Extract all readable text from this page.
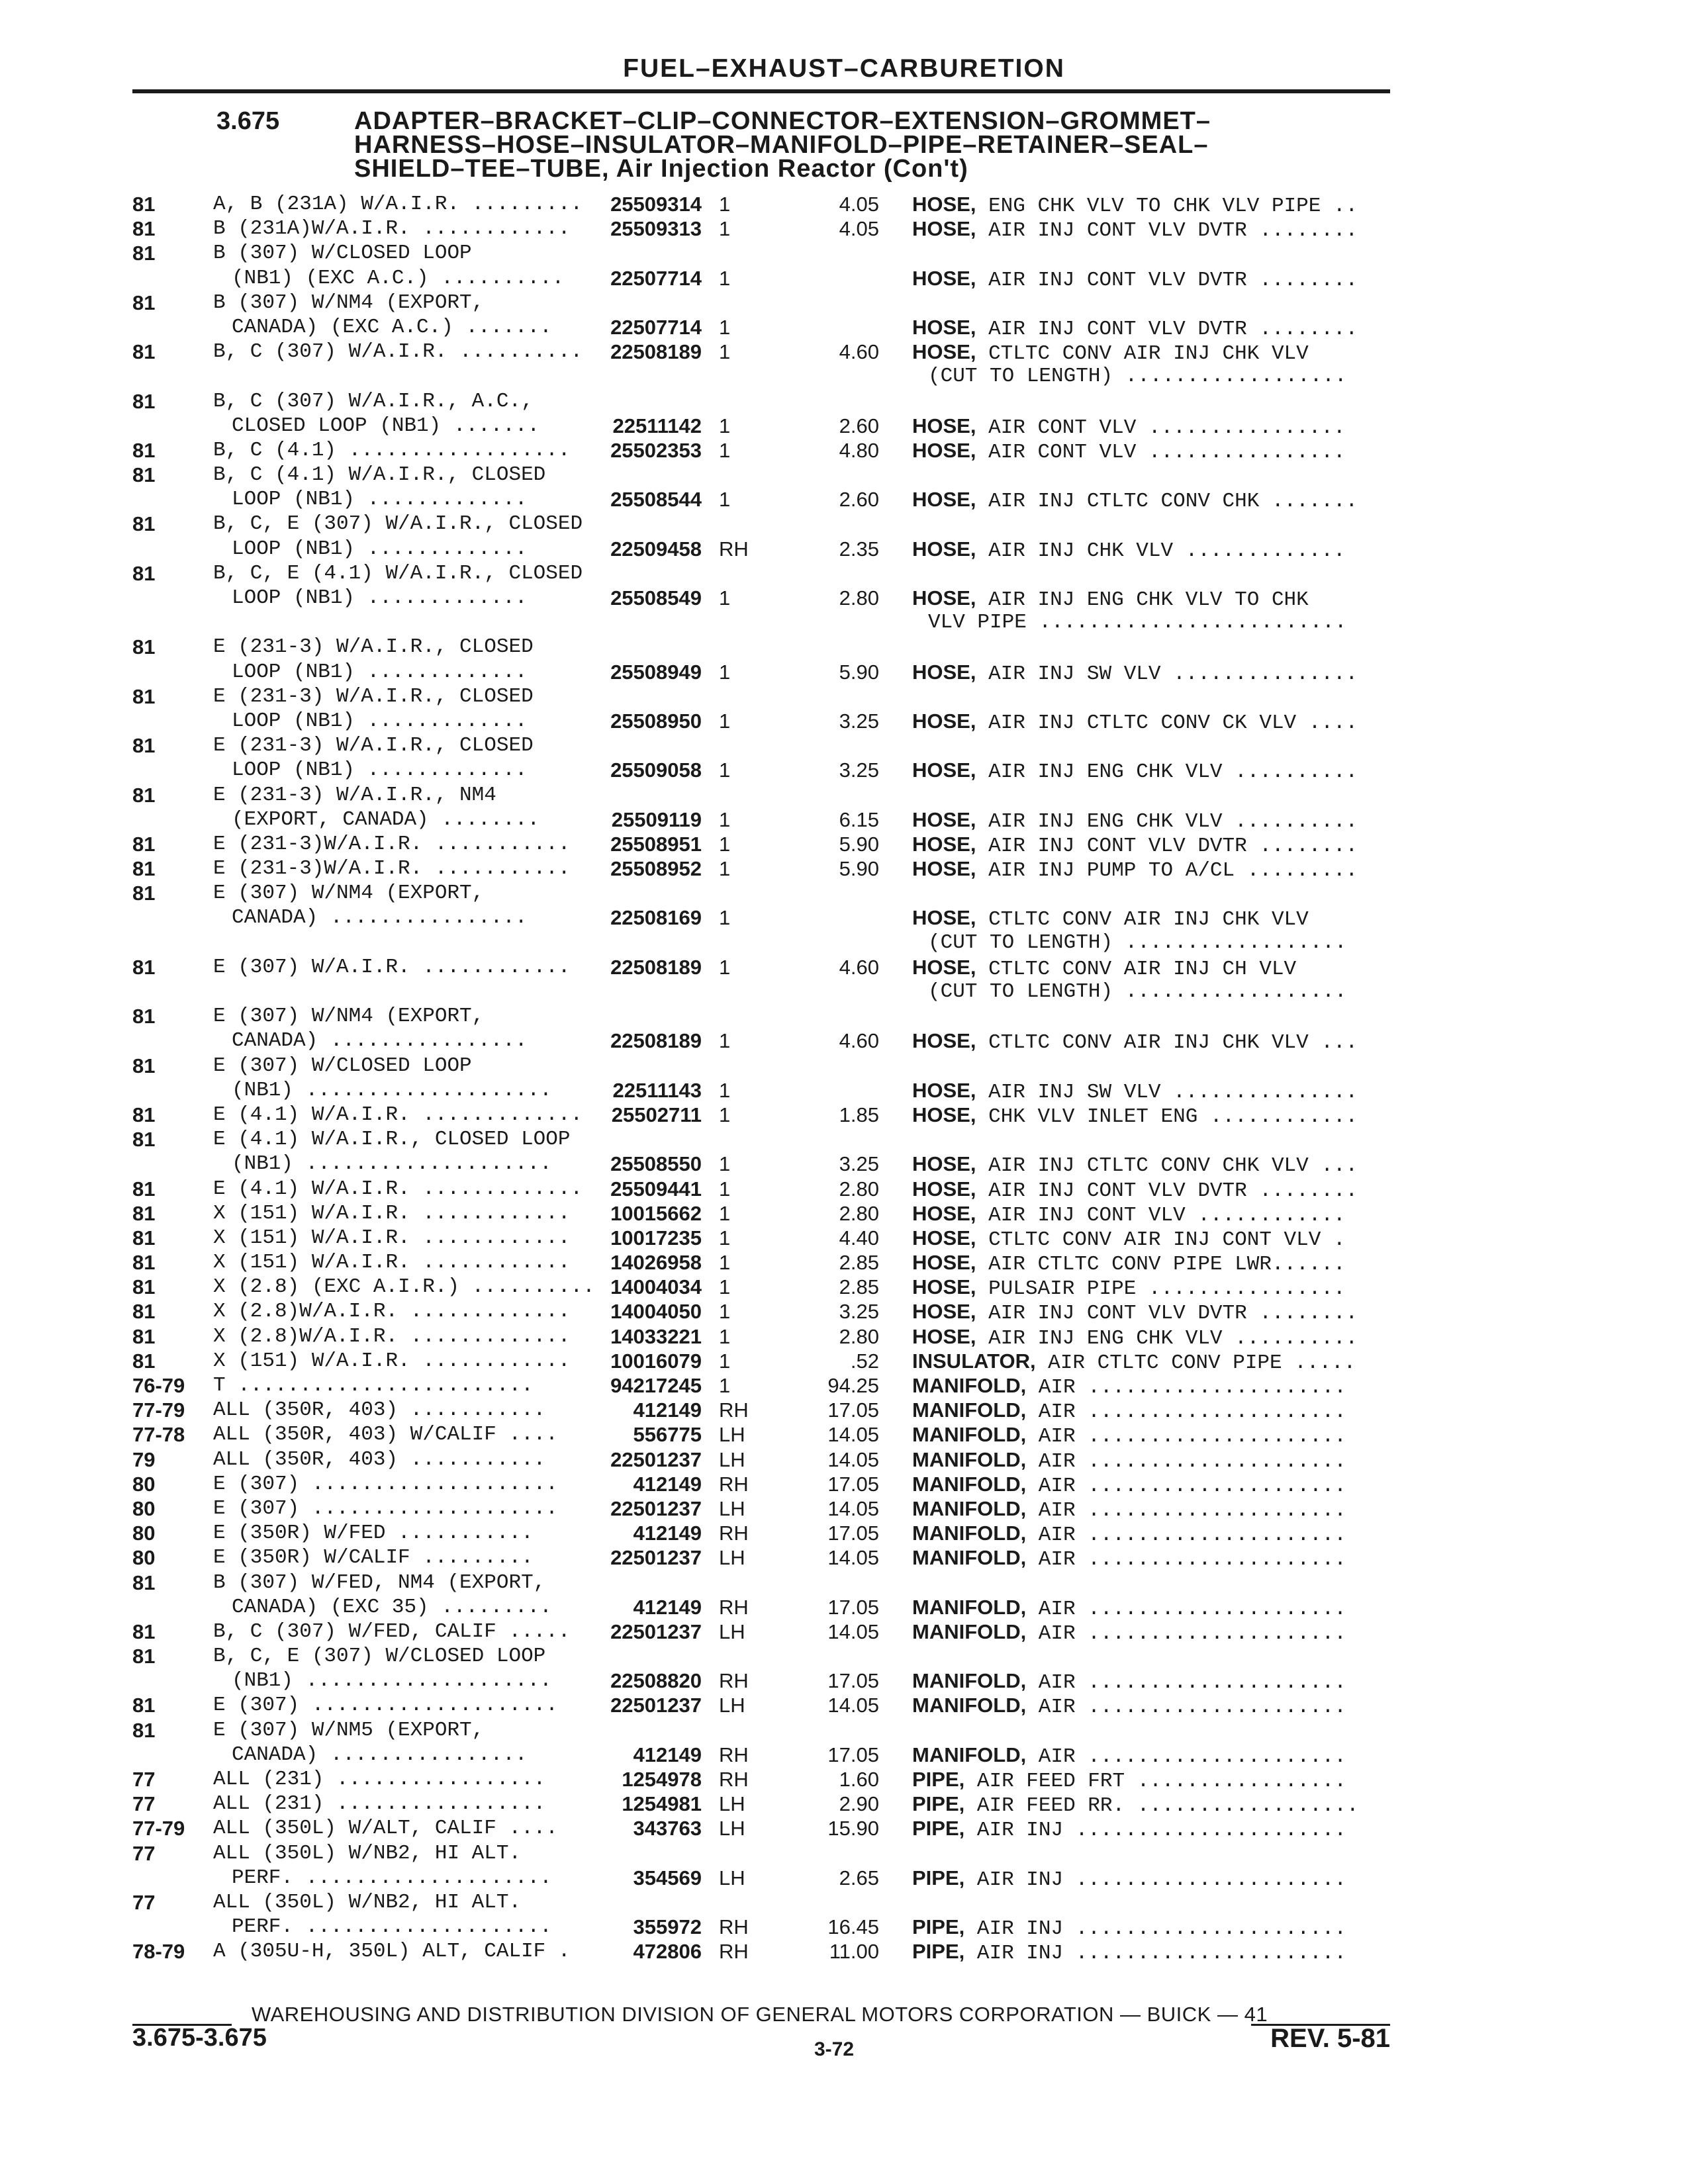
FUEL–EXHAUST–CARBURETION
3.675	ADAPTER–BRACKET–CLIP–CONNECTOR–EXTENSION–GROMMET–
HARNESS–HOSE–INSULATOR–MANIFOLD–PIPE–RETAINER–SEAL–
SHIELD–TEE–TUBE, Air Injection Reactor (Con't)
81	A, B (231A) W/A.I.R. .........	25509314 1	4.05 HOSE, ENG CHK VLV TO CHK VLV PIPE ..
81	B (231A)W/A.I.R. ............	25509313 1	4.05 HOSE, AIR INJ CONT VLV DVTR ........
81	B (307) W/CLOSED LOOP
(NB1) (EXC A.C.) ..........	22507714 1	HOSE, AIR INJ CONT VLV DVTR ........
81	B (307) W/NM4 (EXPORT,
CANADA) (EXC A.C.) .......	22507714 1	HOSE, AIR INJ CONT VLV DVTR ........
81	B, C (307) W/A.I.R. ..........	22508189 1	4.60 HOSE, CTLTC CONV AIR INJ CHK VLV
(CUT TO LENGTH) ..................
81	B, C (307) W/A.I.R., A.C.,
CLOSED LOOP (NB1) .......	22511142 1	2.60 HOSE, AIR CONT VLV ................
81	B, C (4.1) ..................	25502353 1	4.80 HOSE, AIR CONT VLV ................
81	B, C (4.1) W/A.I.R., CLOSED
LOOP (NB1) .............	25508544 1	2.60 HOSE, AIR INJ CTLTC CONV CHK .......
81	B, C, E (307) W/A.I.R., CLOSED
LOOP (NB1) .............	22509458 RH	2.35 HOSE, AIR INJ CHK VLV .............
81	B, C, E (4.1) W/A.I.R., CLOSED
LOOP (NB1) .............	25508549 1	2.80 HOSE, AIR INJ ENG CHK VLV TO CHK
VLV PIPE .........................
81	E (231-3) W/A.I.R., CLOSED
LOOP (NB1) .............	25508949 1	5.90 HOSE, AIR INJ SW VLV ...............
81	E (231-3) W/A.I.R., CLOSED
LOOP (NB1) .............	25508950 1	3.25 HOSE, AIR INJ CTLTC CONV CK VLV ....
81	E (231-3) W/A.I.R., CLOSED
LOOP (NB1) .............	25509058 1	3.25 HOSE, AIR INJ ENG CHK VLV ..........
81	E (231-3) W/A.I.R., NM4
(EXPORT, CANADA) ........	25509119 1	6.15 HOSE, AIR INJ ENG CHK VLV ..........
81	E (231-3)W/A.I.R. ...........	25508951 1	5.90 HOSE, AIR INJ CONT VLV DVTR ........
81	E (231-3)W/A.I.R. ...........	25508952 1	5.90 HOSE, AIR INJ PUMP TO A/CL .........
81	E (307) W/NM4 (EXPORT,
CANADA) ................	22508169 1	HOSE, CTLTC CONV AIR INJ CHK VLV
(CUT TO LENGTH) ..................
81	E (307) W/A.I.R. ............	22508189 1	4.60 HOSE, CTLTC CONV AIR INJ CH VLV
(CUT TO LENGTH) ..................
81	E (307) W/NM4 (EXPORT,
CANADA) ................	22508189 1	4.60 HOSE, CTLTC CONV AIR INJ CHK VLV ...
81	E (307) W/CLOSED LOOP
(NB1) ....................	22511143 1	HOSE, AIR INJ SW VLV ...............
81	E (4.1) W/A.I.R. .............	25502711 1	1.85 HOSE, CHK VLV INLET ENG ............
81	E (4.1) W/A.I.R., CLOSED LOOP
(NB1) ....................	25508550 1	3.25 HOSE, AIR INJ CTLTC CONV CHK VLV ...
81	E (4.1) W/A.I.R. .............	25509441 1	2.80 HOSE, AIR INJ CONT VLV DVTR ........
81	X (151) W/A.I.R. ............	10015662 1	2.80 HOSE, AIR INJ CONT VLV ............
81	X (151) W/A.I.R. ............	10017235 1	4.40 HOSE, CTLTC CONV AIR INJ CONT VLV .
81	X (151) W/A.I.R. ............	14026958 1	2.85 HOSE, AIR CTLTC CONV PIPE LWR......
81	X (2.8) (EXC A.I.R.) .......... 14004034 1	2.85 HOSE, PULSAIR PIPE ................
81	X (2.8)W/A.I.R. .............	14004050 1	3.25 HOSE, AIR INJ CONT VLV DVTR ........
81	X (2.8)W/A.I.R. .............	14033221 1	2.80 HOSE, AIR INJ ENG CHK VLV ..........
81	X (151) W/A.I.R. ............	10016079 1	.52 INSULATOR, AIR CTLTC CONV PIPE .....
76-79 T ........................	94217245 1	94.25 MANIFOLD, AIR .....................
77-79 ALL (350R, 403) ...........	412149 RH	17.05 MANIFOLD, AIR .....................
77-78 ALL (350R, 403) W/CALIF ....	556775 LH	14.05 MANIFOLD, AIR .....................
79	ALL (350R, 403) ...........	22501237 LH	14.05 MANIFOLD, AIR .....................
80	E (307) ....................	412149 RH	17.05 MANIFOLD, AIR .....................
80	E (307) ....................	22501237 LH	14.05 MANIFOLD, AIR .....................
80	E (350R) W/FED ...........	412149 RH	17.05 MANIFOLD, AIR .....................
80	E (350R) W/CALIF .........	22501237 LH	14.05 MANIFOLD, AIR .....................
81	B (307) W/FED, NM4 (EXPORT,
CANADA) (EXC 35) .........	412149 RH	17.05 MANIFOLD, AIR .....................
81	B, C (307) W/FED, CALIF .....	22501237 LH	14.05 MANIFOLD, AIR .....................
81	B, C, E (307) W/CLOSED LOOP
(NB1) ....................	22508820 RH	17.05 MANIFOLD, AIR .....................
81	E (307) ....................	22501237 LH	14.05 MANIFOLD, AIR .....................
81	E (307) W/NM5 (EXPORT,
CANADA) ................	412149 RH	17.05 MANIFOLD, AIR .....................
77	ALL (231) .................	1254978 RH	1.60 PIPE, AIR FEED FRT .................
77	ALL (231) .................	1254981 LH	2.90 PIPE, AIR FEED RR. ..................
77-79 ALL (350L) W/ALT, CALIF ....	343763 LH	15.90 PIPE, AIR INJ ......................
77	ALL (350L) W/NB2, HI ALT.
PERF. ....................	354569 LH	2.65 PIPE, AIR INJ ......................
77	ALL (350L) W/NB2, HI ALT.
PERF. ....................	355972 RH	16.45 PIPE, AIR INJ ......................
78-79 A (305U-H, 350L) ALT, CALIF .	472806 RH	11.00 PIPE, AIR INJ ......................
WAREHOUSING AND DISTRIBUTION DIVISION OF GENERAL MOTORS CORPORATION — BUICK — 41
3.675-3.675	3-72	REV. 5-81
